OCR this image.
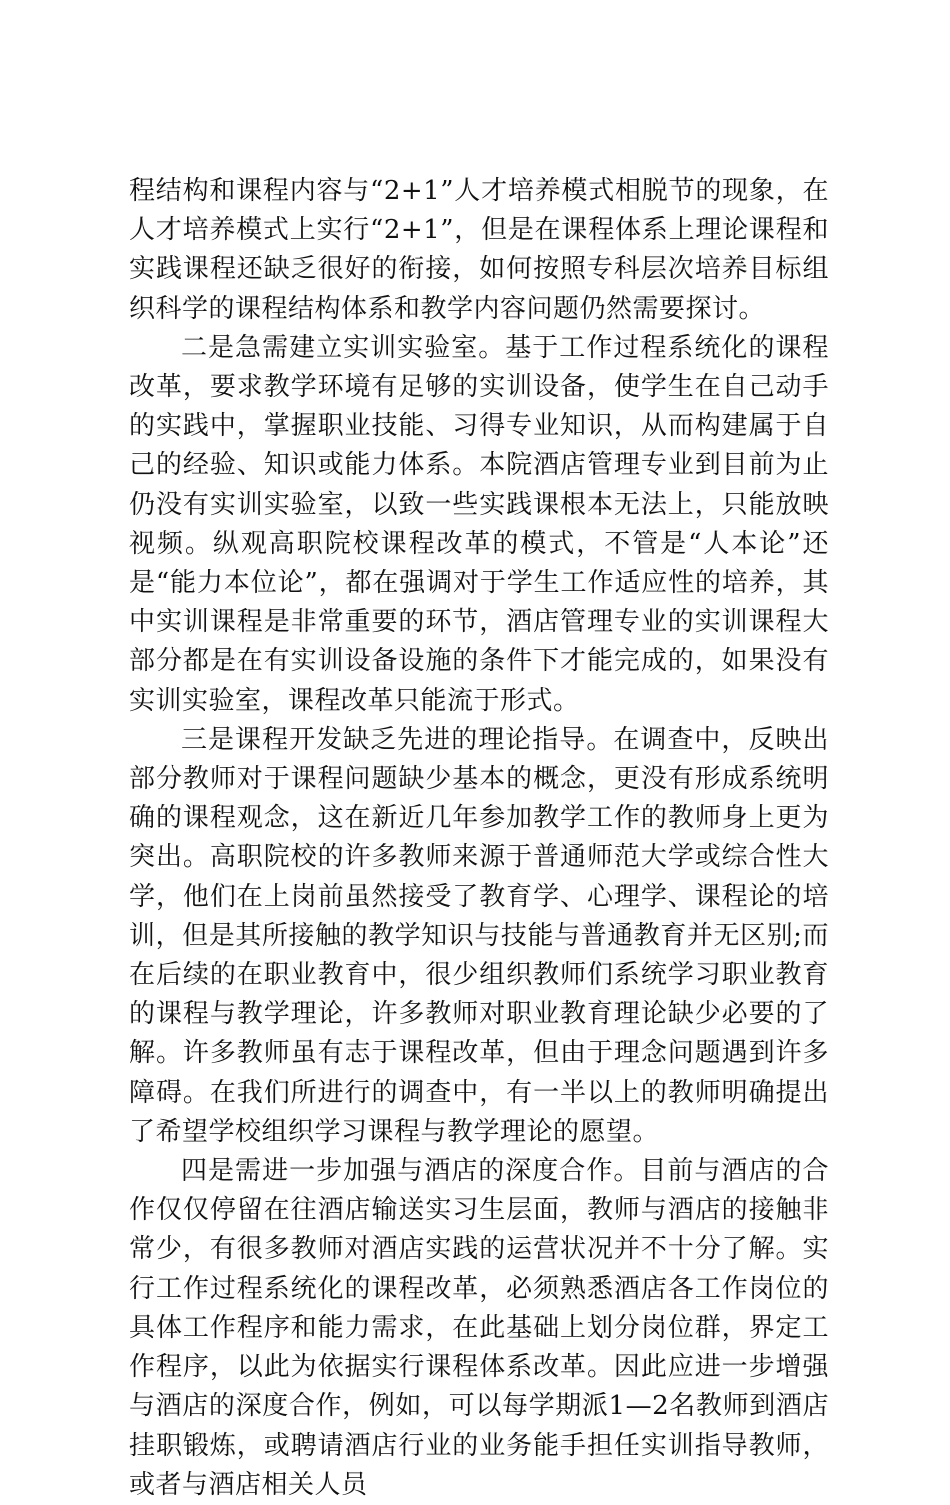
程结构和课程内容与“2+1”人才培养模式相脱节的现象，在人才培养模式上实行“2+1”，但是在课程体系上理论课程和实践课程还缺乏很好的衔接，如何按照专科层次培养目标组织科学的课程结构体系和教学内容问题仍然需要探讨。

二是急需建立实训实验室。基于工作过程系统化的课程改革，要求教学环境有足够的实训设备，使学生在自己动手的实践中，掌握职业技能、习得专业知识，从而构建属于自己的经验、知识或能力体系。本院酒店管理专业到目前为止仍没有实训实验室，以致一些实践课根本无法上，只能放映视频。纵观高职院校课程改革的模式，不管是“人本论”还是“能力本位论”，都在强调对于学生工作适应性的培养，其中实训课程是非常重要的环节，酒店管理专业的实训课程大部分都是在有实训设备设施的条件下才能完成的，如果没有实训实验室，课程改革只能流于形式。

三是课程开发缺乏先进的理论指导。在调查中，反映出部分教师对于课程问题缺少基本的概念，更没有形成系统明确的课程观念，这在新近几年参加教学工作的教师身上更为突出。高职院校的许多教师来源于普通师范大学或综合性大学，他们在上岗前虽然接受了教育学、心理学、课程论的培训，但是其所接触的教学知识与技能与普通教育并无区别;而在后续的在职业教育中，很少组织教师们系统学习职业教育的课程与教学理论，许多教师对职业教育理论缺少必要的了解。许多教师虽有志于课程改革，但由于理念问题遇到许多障碍。在我们所进行的调查中，有一半以上的教师明确提出了希望学校组织学习课程与教学理论的愿望。

四是需进一步加强与酒店的深度合作。目前与酒店的合作仅仅停留在往酒店输送实习生层面，教师与酒店的接触非常少，有很多教师对酒店实践的运营状况并不十分了解。实行工作过程系统化的课程改革，必须熟悉酒店各工作岗位的具体工作程序和能力需求，在此基础上划分岗位群，界定工作程序，以此为依据实行课程体系改革。因此应进一步增强与酒店的深度合作，例如，可以每学期派1—2名教师到酒店挂职锻炼，或聘请酒店行业的业务能手担任实训指导教师，或者与酒店相关人员
